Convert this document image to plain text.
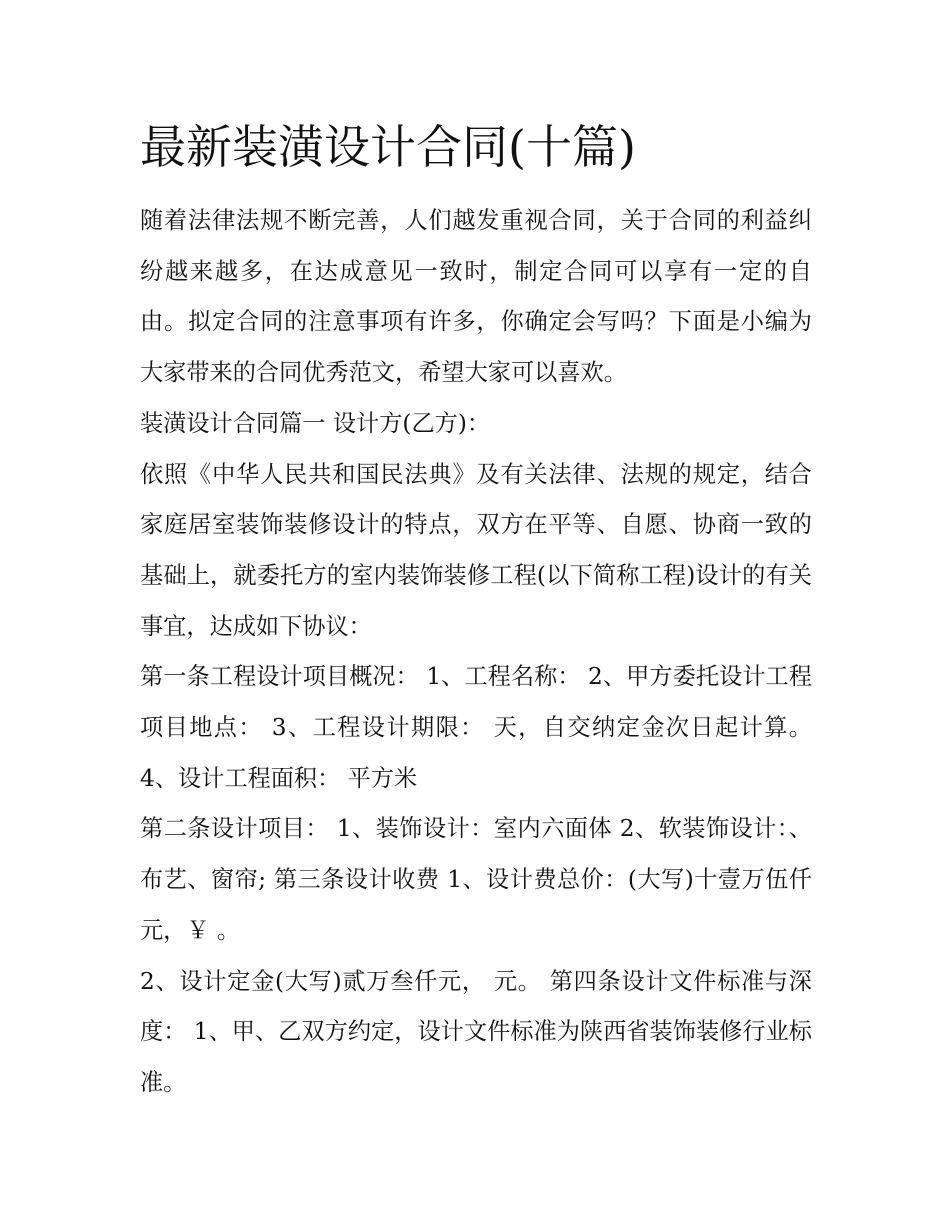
最新装潢设计合同(十篇)

随着法律法规不断完善，人们越发重视合同，关于合同的利益纠纷越来越多，在达成意见一致时，制定合同可以享有一定的自由。拟定合同的注意事项有许多，你确定会写吗？下面是小编为大家带来的合同优秀范文，希望大家可以喜欢。

装潢设计合同篇一 设计方(乙方)：

依照《中华人民共和国民法典》及有关法律、法规的规定，结合家庭居室装饰装修设计的特点，双方在平等、自愿、协商一致的基础上，就委托方的室内装饰装修工程(以下简称工程)设计的有关事宜，达成如下协议：

第一条工程设计项目概况： 1、工程名称： 2、甲方委托设计工程项目地点： 3、工程设计期限： 天，自交纳定金次日起计算。 4、设计工程面积： 平方米

第二条设计项目： 1、装饰设计：室内六面体 2、软装饰设计：、布艺、窗帘; 第三条设计收费 1、设计费总价：(大写)十壹万伍仟元，￥ 。

2、设计定金(大写)贰万叁仟元， 元。 第四条设计文件标准与深度： 1、甲、乙双方约定，设计文件标准为陕西省装饰装修行业标准。
